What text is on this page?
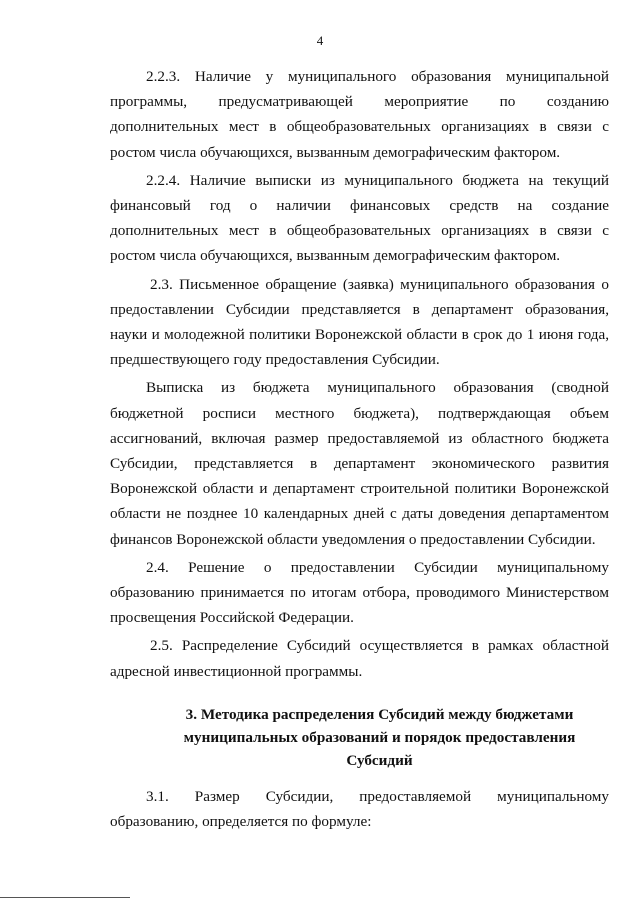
4

2.2.3. Наличие у муниципального образования муниципальной программы, предусматривающей мероприятие по созданию дополнительных мест в общеобразовательных организациях в связи с ростом числа обучающихся, вызванным демографическим фактором.

2.2.4. Наличие выписки из муниципального бюджета на текущий финансовый год о наличии финансовых средств на создание дополнительных мест в общеобразовательных организациях в связи с ростом числа обучающихся, вызванным демографическим фактором.

2.3. Письменное обращение (заявка) муниципального образования о предоставлении Субсидии представляется в департамент образования, науки и молодежной политики Воронежской области в срок до 1 июня года, предшествующего году предоставления Субсидии.

Выписка из бюджета муниципального образования (сводной бюджетной росписи местного бюджета), подтверждающая объем ассигнований, включая размер предоставляемой из областного бюджета Субсидии, представляется в департамент экономического развития Воронежской области и департамент строительной политики Воронежской области не позднее 10 календарных дней с даты доведения департаментом финансов Воронежской области уведомления о предоставлении Субсидии.

2.4. Решение о предоставлении Субсидии муниципальному образованию принимается по итогам отбора, проводимого Министерством просвещения Российской Федерации.

2.5. Распределение Субсидий осуществляется в рамках областной адресной инвестиционной программы.

3. Методика распределения Субсидий между бюджетами
муниципальных образований и порядок предоставления Субсидий

3.1. Размер Субсидии, предоставляемой муниципальному образованию, определяется по формуле:
